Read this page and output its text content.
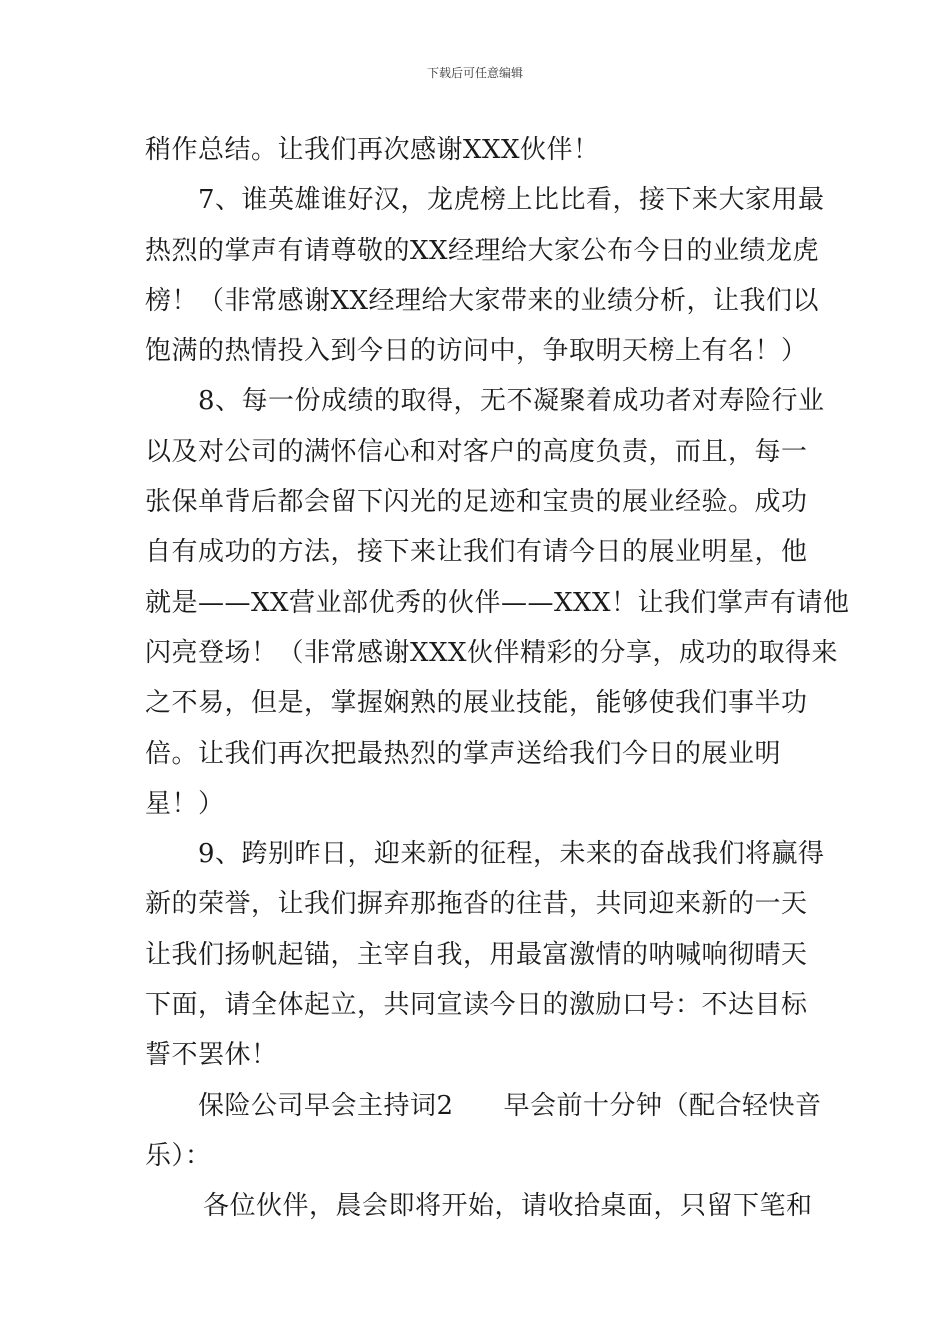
下载后可任意编辑
稍作总结。让我们再次感谢XXX伙伴！
7、谁英雄谁好汉，龙虎榜上比比看，接下来大家用最
热烈的掌声有请尊敬的XX经理给大家公布今日的业绩龙虎
榜！（非常感谢XX经理给大家带来的业绩分析，让我们以
饱满的热情投入到今日的访问中，争取明天榜上有名！）
8、每一份成绩的取得，无不凝聚着成功者对寿险行业
以及对公司的满怀信心和对客户的高度负责，而且，每一
张保单背后都会留下闪光的足迹和宝贵的展业经验。成功
自有成功的方法，接下来让我们有请今日的展业明星，他
就是——XX营业部优秀的伙伴——XXX！让我们掌声有请他
闪亮登场！（非常感谢XXX伙伴精彩的分享，成功的取得来
之不易，但是，掌握娴熟的展业技能，能够使我们事半功
倍。让我们再次把最热烈的掌声送给我们今日的展业明
星！）
9、跨别昨日，迎来新的征程，未来的奋战我们将赢得
新的荣誉，让我们摒弃那拖沓的往昔，共同迎来新的一天
让我们扬帆起锚，主宰自我，用最富激情的呐喊响彻晴天
下面，请全体起立，共同宣读今日的激励口号：不达目标
誓不罢休！
保险公司早会主持词2 早会前十分钟（配合轻快音
乐）：
各位伙伴，晨会即将开始，请收拾桌面，只留下笔和
